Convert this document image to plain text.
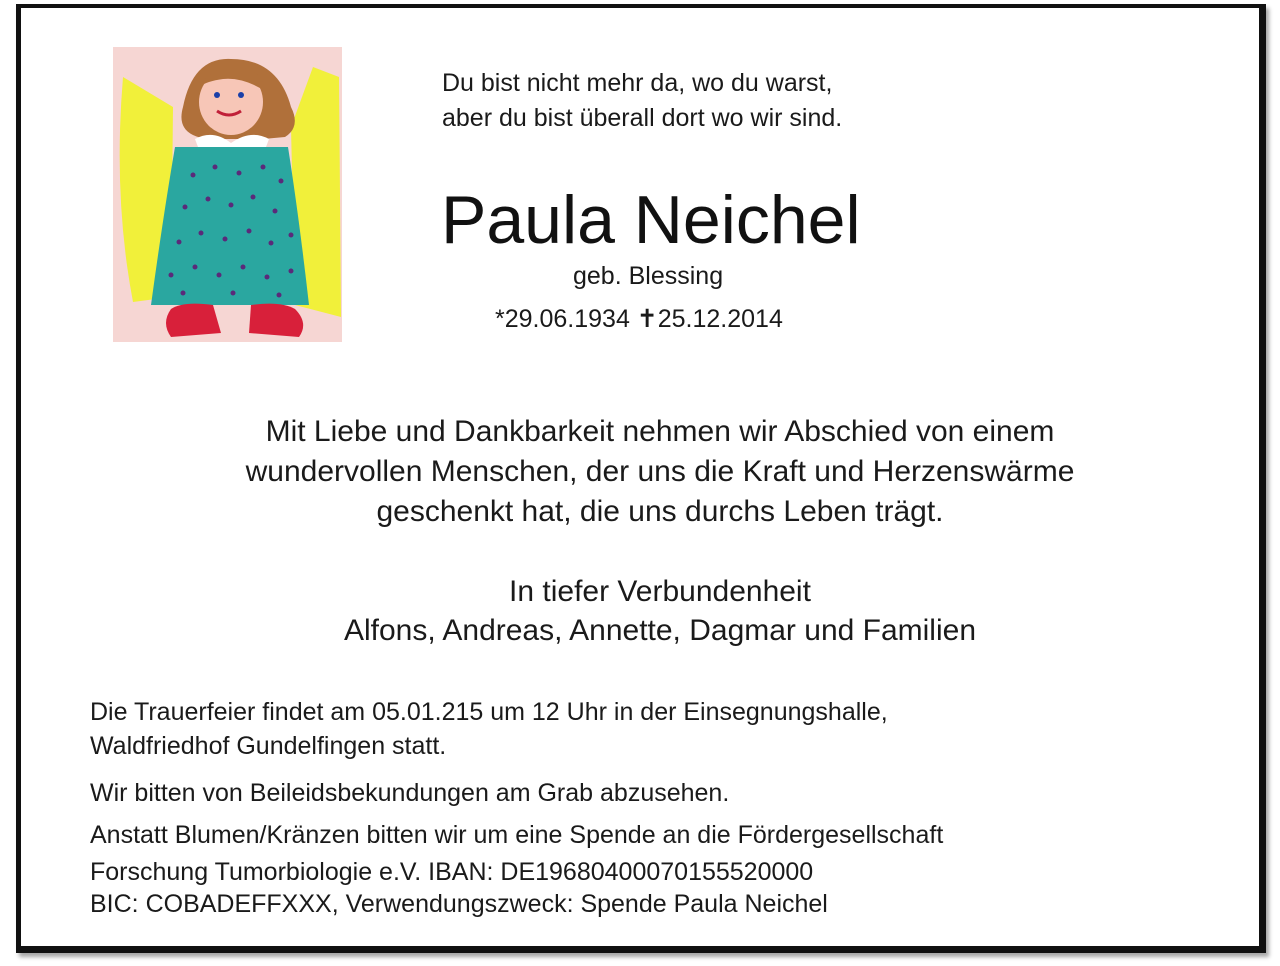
Du bist nicht mehr da, wo du warst,
aber du bist überall dort wo wir sind.
Paula Neichel
geb. Blessing
*29.06.1934 ✝25.12.2014
Mit Liebe und Dankbarkeit nehmen wir Abschied von einem
wundervollen Menschen, der uns die Kraft und Herzenswärme
geschenkt hat, die uns durchs Leben trägt.
In tiefer Verbundenheit
Alfons, Andreas, Annette, Dagmar und Familien
Die Trauerfeier findet am 05.01.215 um 12 Uhr in der Einsegnungshalle,
Waldfriedhof Gundelfingen statt.
Wir bitten von Beileidsbekundungen am Grab abzusehen.
Anstatt Blumen/Kränzen bitten wir um eine Spende an die Fördergesellschaft
Forschung Tumorbiologie e.V. IBAN: DE19680400070155520000
BIC: COBADEFFXXX, Verwendungszweck: Spende Paula Neichel
